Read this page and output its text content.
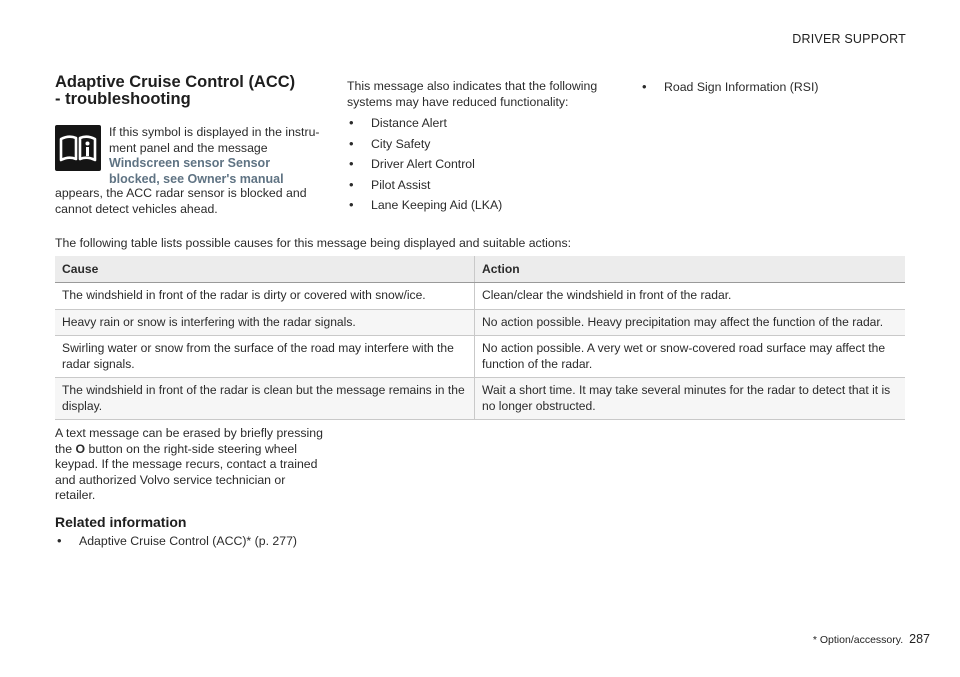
DRIVER SUPPORT
Adaptive Cruise Control (ACC) - troubleshooting
If this symbol is displayed in the instru-ment panel and the message
Windscreen sensor Sensor blocked, see Owner's manual
appears, the ACC radar sensor is blocked and cannot detect vehicles ahead.
This message also indicates that the following systems may have reduced functionality:
• Distance Alert
• City Safety
• Driver Alert Control
• Pilot Assist
• Lane Keeping Aid (LKA)
• Road Sign Information (RSI)
The following table lists possible causes for this message being displayed and suitable actions:
Cause	Action
The windshield in front of the radar is dirty or covered with snow/ice.	Clean/clear the windshield in front of the radar.
Heavy rain or snow is interfering with the radar signals.	No action possible. Heavy precipitation may affect the function of the radar.
Swirling water or snow from the surface of the road may interfere with the radar signals.	No action possible. A very wet or snow-covered road surface may affect the function of the radar.
The windshield in front of the radar is clean but the message remains in the display.	Wait a short time. It may take several minutes for the radar to detect that it is no longer obstructed.
A text message can be erased by briefly pressing the O button on the right-side steering wheel keypad. If the message recurs, contact a trained and authorized Volvo service technician or retailer.
Related information
• Adaptive Cruise Control (ACC)* (p. 277)
* Option/accessory. 287
